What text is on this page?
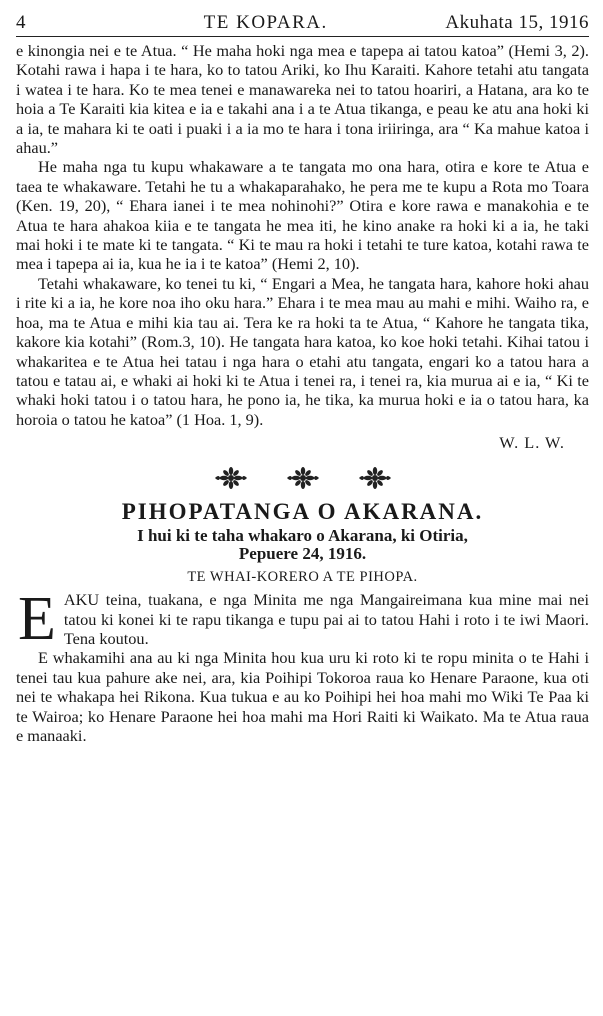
4	TE KOPARA.	Akuhata 15, 1916

e kinongia nei e te Atua. “ He maha hoki nga mea e tapepa ai tatou katoa” (Hemi 3, 2). Kotahi rawa i hapa i te hara, ko to tatou Ariki, ko Ihu Karaiti. Kahore tetahi atu tangata i watea i te hara. Ko te mea tenei e manawareka nei to tatou hoariri, a Hatana, ara ko te hoia a Te Karaiti kia kitea e ia e takahi ana i a te Atua tikanga, e peau ke atu ana hoki ki a ia, te mahara ki te oati i puaki i a ia mo te hara i tona iriiringa, ara “ Ka mahue katoa i ahau.”

He maha nga tu kupu whakaware a te tangata mo ona hara, otira e kore te Atua e taea te whakaware. Tetahi he tu a whakaparahako, he pera me te kupu a Rota mo Toara (Ken. 19, 20), “ Ehara ianei i te mea nohinohi?” Otira e kore rawa e manakohia e te Atua te hara ahakoa kiia e te tangata he mea iti, he kino anake ra hoki ki a ia, he taki mai hoki i te mate ki te tangata. “ Ki te mau ra hoki i tetahi te ture katoa, kotahi rawa te mea i tapepa ai ia, kua he ia i te katoa” (Hemi 2, 10).

Tetahi whakaware, ko tenei tu ki, “ Engari a Mea, he tangata hara, kahore hoki ahau i rite ki a ia, he kore noa iho oku hara.” Ehara i te mea mau au mahi e mihi. Waiho ra, e hoa, ma te Atua e mihi kia tau ai. Tera ke ra hoki ta te Atua, “ Kahore he tangata tika, kakore kia kotahi” (Rom.3, 10). He tangata hara katoa, ko koe hoki tetahi. Kihai tatou i whakaritea e te Atua hei tatau i nga hara o etahi atu tangata, engari ko a tatou hara a tatou e tatau ai, e whaki ai hoki ki te Atua i tenei ra, i tenei ra, kia murua ai e ia, “ Ki te whaki hoki tatou i o tatou hara, he pono ia, he tika, ka murua hoki e ia o tatou hara, ka horoia o tatou he katoa” (1 Hoa. 1, 9).

W. L. W.
PIHOPATANGA O AKARANA.
I hui ki te taha whakaro o Akarana, ki Otiria,
Pepuere 24, 1916.
TE WHAI-KORERO A TE PIHOPA.

EAKU teina, tuakana, e nga Minita me nga Mangaireimana kua mine mai nei tatou ki konei ki te rapu tikanga e tupu pai ai to tatou Hahi i roto i te iwi Maori. Tena koutou.

E whakamihi ana au ki nga Minita hou kua uru ki roto ki te ropu minita o te Hahi i tenei tau kua pahure ake nei, ara, kia Poihipi Tokoroa raua ko Henare Paraone, kua oti nei te whakapa hei Rikona. Kua tukua e au ko Poihipi hei hoa mahi mo Wiki Te Paa ki te Wairoa; ko Henare Paraone hei hoa mahi ma Hori Raiti ki Waikato. Ma te Atua raua e manaaki.
